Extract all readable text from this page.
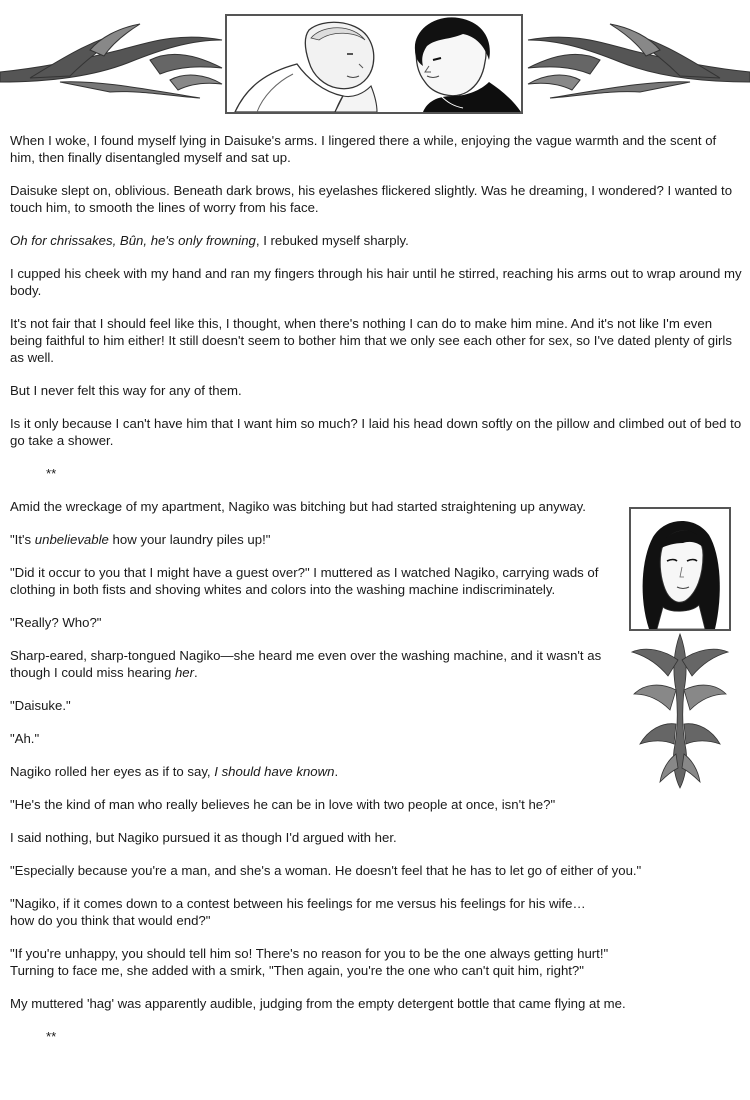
When I woke, I found myself lying in Daisuke's arms. I lingered there a while, enjoying the vague warmth and the scent of him, then finally disentangled myself and sat up.

Daisuke slept on, oblivious. Beneath dark brows, his eyelashes flickered slightly. Was he dreaming, I wondered? I wanted to touch him, to smooth the lines of worry from his face.

Oh for chrissakes, Bûn, he's only frowning, I rebuked myself sharply.

I cupped his cheek with my hand and ran my fingers through his hair until he stirred, reaching his arms out to wrap around my body.

It's not fair that I should feel like this, I thought, when there's nothing I can do to make him mine. And it's not like I'm even being faithful to him either! It still doesn't seem to bother him that we only see each other for sex, so I've dated plenty of girls as well.

But I never felt this way for any of them.

Is it only because I can't have him that I want him so much? I laid his head down softly on the pillow and climbed out of bed to go take a shower.

**

Amid the wreckage of my apartment, Nagiko was bitching but had started straightening up anyway.

"It's unbelievable how your laundry piles up!"

"Did it occur to you that I might have a guest over?" I muttered as I watched Nagiko, carrying wads of clothing in both fists and shoving whites and colors into the washing machine indiscriminately.

"Really? Who?"

Sharp-eared, sharp-tongued Nagiko—she heard me even over the washing machine, and it wasn't as though I could miss hearing her.

"Daisuke."

"Ah."

Nagiko rolled her eyes as if to say, I should have known.

"He's the kind of man who really believes he can be in love with two people at once, isn't he?"

I said nothing, but Nagiko pursued it as though I'd argued with her.

"Especially because you're a man, and she's a woman. He doesn't feel that he has to let go of either of you."

"Nagiko, if it comes down to a contest between his feelings for me versus his feelings for his wife… how do you think that would end?"

"If you're unhappy, you should tell him so! There's no reason for you to be the one always getting hurt!" Turning to face me, she added with a smirk, "Then again, you're the one who can't quit him, right?"

My muttered 'hag' was apparently audible, judging from the empty detergent bottle that came flying at me.

**
